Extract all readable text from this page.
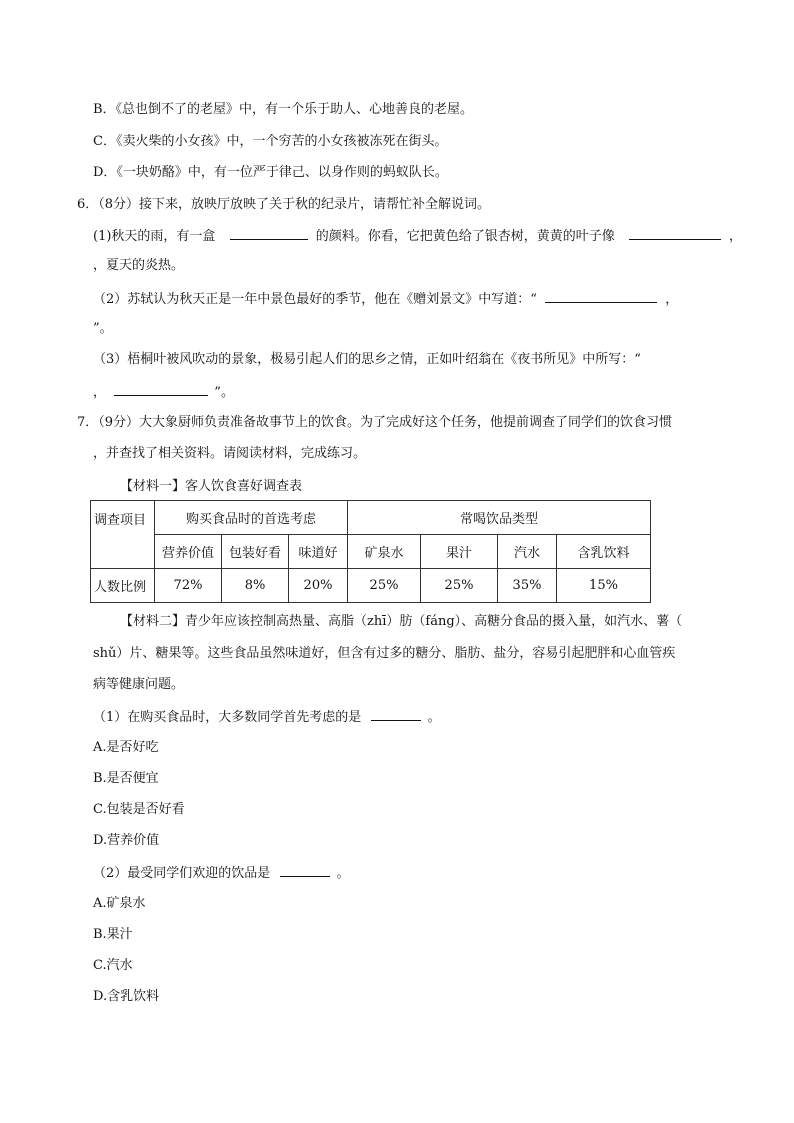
B．《总也倒不了的老屋》中，有一个乐于助人、心地善良的老屋。
C．《卖火柴的小女孩》中，一个穷苦的小女孩被冻死在街头。
D．《一块奶酪》中，有一位严于律己、以身作则的蚂蚁队长。
6．（8分）接下来，放映厅放映了关于秋的纪录片，请帮忙补全解说词。
(1)秋天的雨，有一盒	的颜料。你看，它把黄色给了银杏树，黄黄的叶子像	，
，夏天的炎热。
（2）苏轼认为秋天正是一年中景色最好的季节，他在《赠刘景文》中写道：“	，
”。
（3）梧桐叶被风吹动的景象，极易引起人们的思乡之情，正如叶绍翁在《夜书所见》中所写：“
，	”。
7．（9分）大大象厨师负责准备故事节上的饮食。为了完成好这个任务，他提前调查了同学们的饮食习惯
，并查找了相关资料。请阅读材料，完成练习。
【材料一】客人饮食喜好调查表
调查项目	购买食品时的首选考虑			常喝饮品类型			
	营养价值	包装好看	味道好	矿泉水	果汁	汽水	含乳饮料
人数比例	72%	8%	20%	25%	25%	35%	15%
【材料二】青少年应该控制高热量、高脂（zhī）肪（fáng）、高糖分食品的摄入量，如汽水、薯（
shǔ）片、糖果等。这些食品虽然味道好，但含有过多的糖分、脂肪、盐分，容易引起肥胖和心血管疾
病等健康问题。
（1）在购买食品时，大多数同学首先考虑的是	。
A.是否好吃
B.是否便宜
C.包装是否好看
D.营养价值
（2）最受同学们欢迎的饮品是	。
A.矿泉水
B.果汁
C.汽水
D.含乳饮料
